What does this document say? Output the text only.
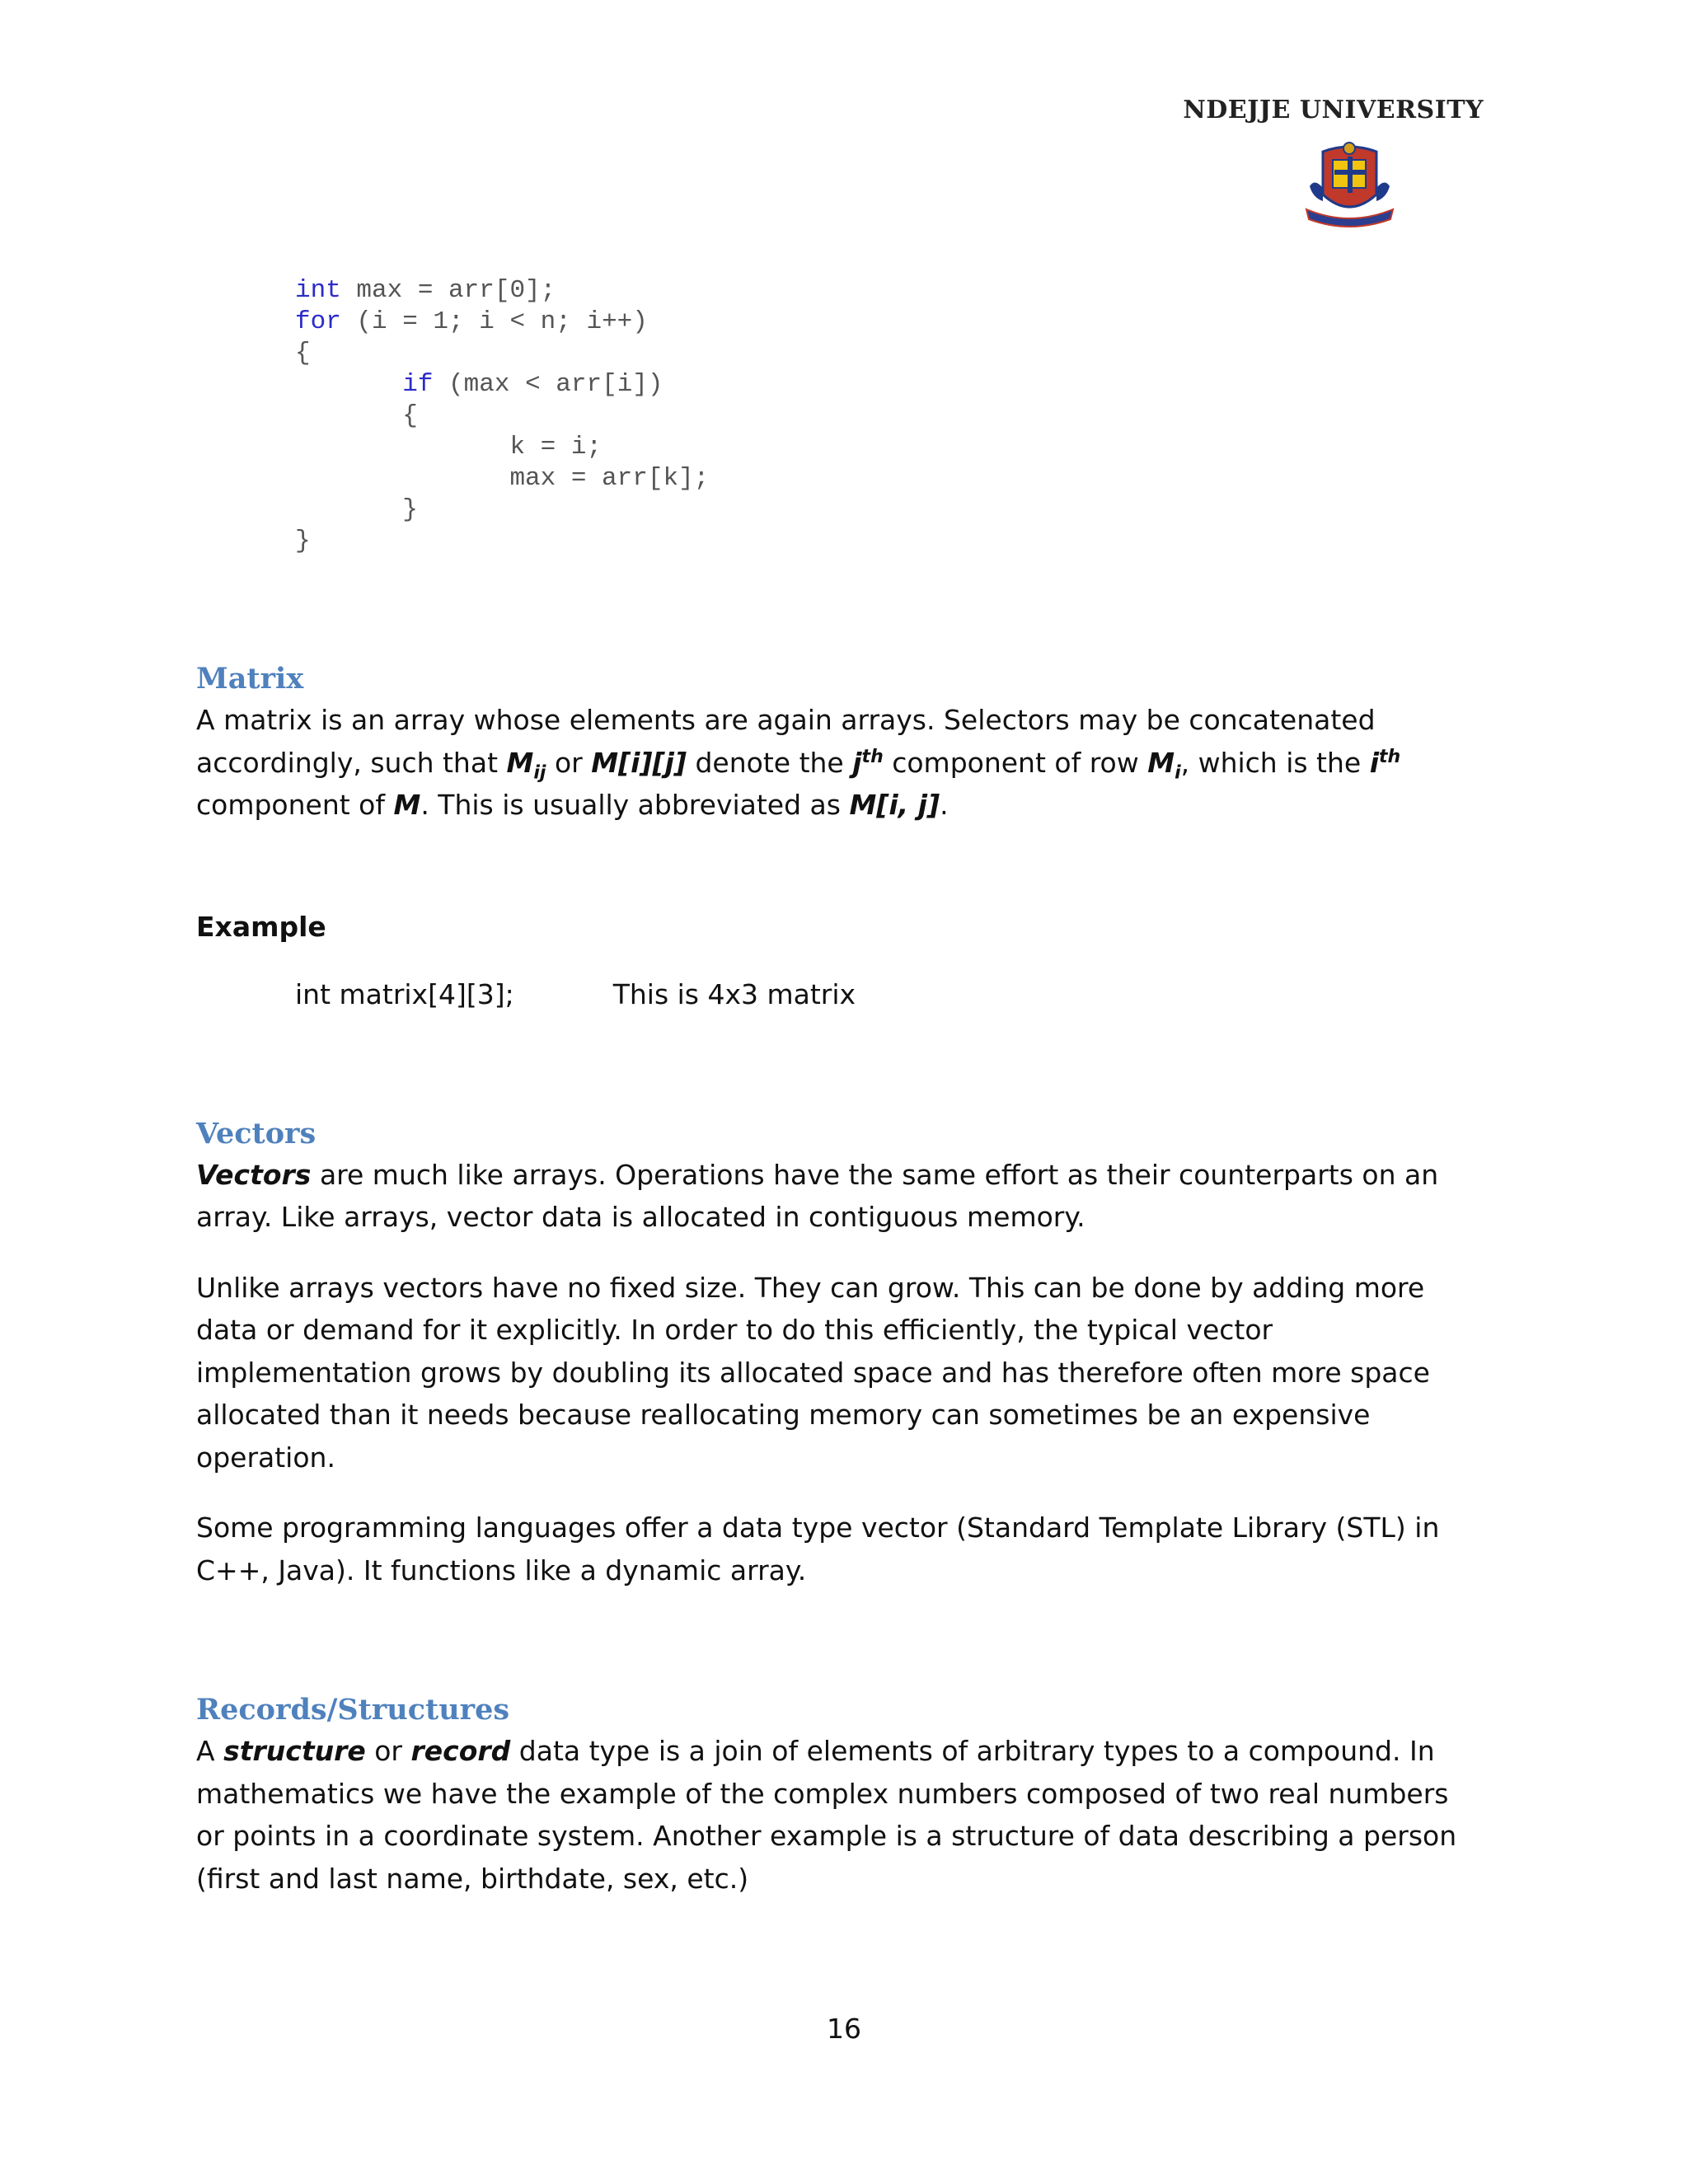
NDEJJE UNIVERSITY
int max = arr[0];
for (i = 1; i < n; i++)
{
if (max < arr[i])
{
k = i;
max = arr[k];
}
}
Matrix

A matrix is an array whose elements are again arrays. Selectors may be concatenated accordingly, such that $M_{ij}$ or M[i][j] denote the $j^{th}$ component of row $M_i$, which is the $i^{th}$ component of M. This is usually abbreviated as M[i, j].

Example

int matrix[4][3];	This is 4x3 matrix

Vectors

Vectors are much like arrays. Operations have the same effort as their counterparts on an array. Like arrays, vector data is allocated in contiguous memory.

Unlike arrays vectors have no fixed size. They can grow. This can be done by adding more data or demand for it explicitly. In order to do this efficiently, the typical vector implementation grows by doubling its allocated space and has therefore often more space allocated than it needs because reallocating memory can sometimes be an expensive operation.

Some programming languages offer a data type vector (Standard Template Library (STL) in C++, Java). It functions like a dynamic array.

Records/Structures

A structure or record data type is a join of elements of arbitrary types to a compound. In mathematics we have the example of the complex numbers composed of two real numbers or points in a coordinate system. Another example is a structure of data describing a person (first and last name, birthdate, sex, etc.)

16
